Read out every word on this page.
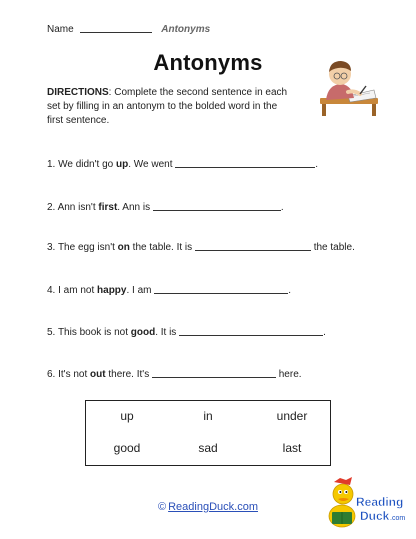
Name	Antonyms
Antonyms
DIRECTIONS: Complete the second sentence in each set by filling in an antonym to the bolded word in the first sentence.
1. We didn't go up. We went	.
2. Ann isn't first. Ann is	.
3. The egg isn't on the table. It is	the table.
4. I am not happy. I am	.
5. This book is not good. It is	.
6. It's not out there. It's	here.
up	in	under
good	sad	last
© ReadingDuck.com	Reading
Duck .com
